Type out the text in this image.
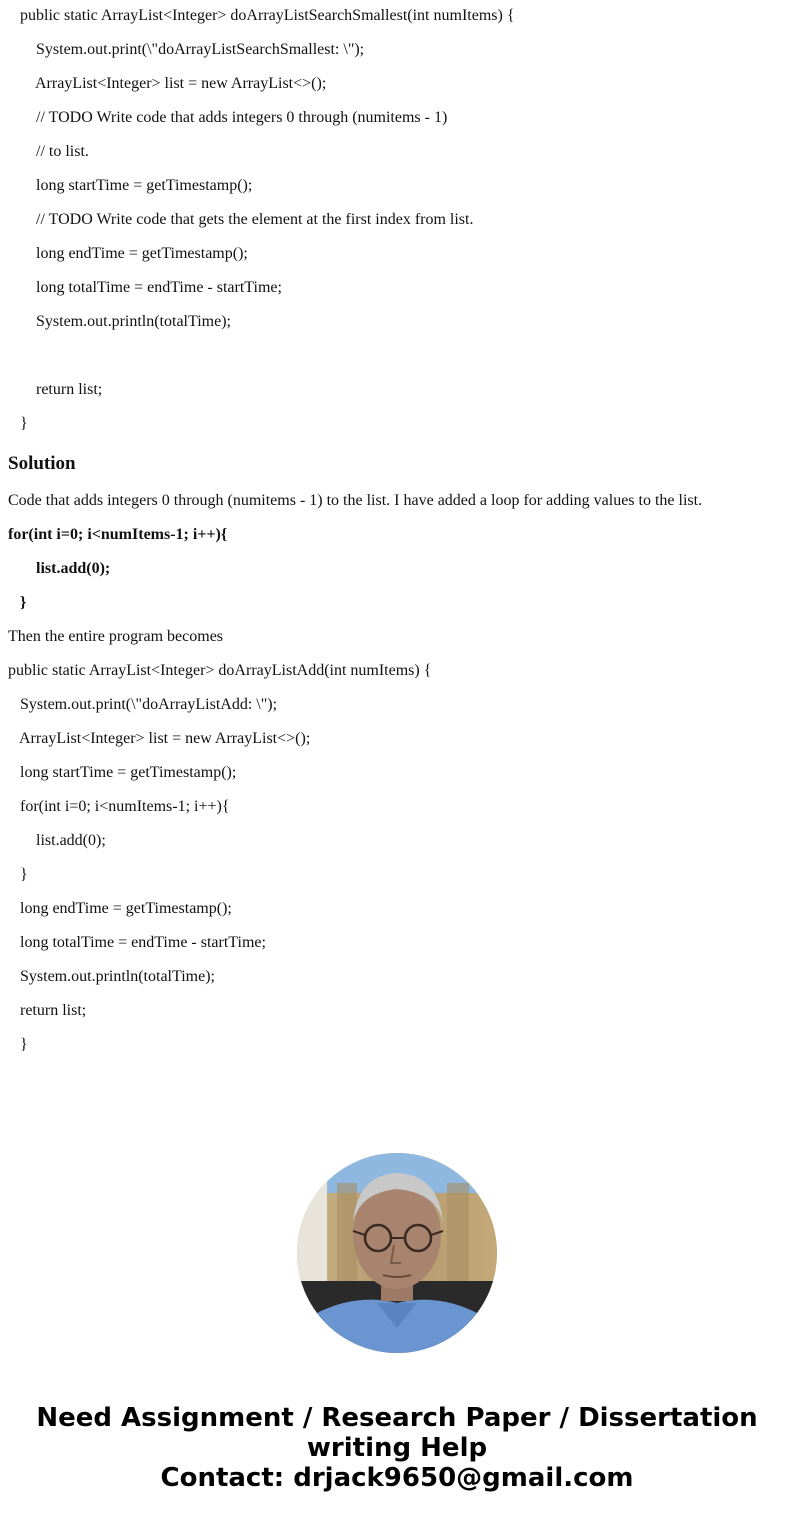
public static ArrayList<Integer> doArrayListSearchSmallest(int numItems) {
System.out.print(\"doArrayListSearchSmallest: \");
ArrayList<Integer> list = new ArrayList<>();
// TODO Write code that adds integers 0 through (numitems - 1)
// to list.
long startTime = getTimestamp();
// TODO Write code that gets the element at the first index from list.
long endTime = getTimestamp();
long totalTime = endTime - startTime;
System.out.println(totalTime);
return list;
}
Solution
Code that adds integers 0 through (numitems - 1) to the list. I have added a loop for adding values to the list.
for(int i=0; i<numItems-1; i++){
list.add(0);
}
Then the entire program becomes
public static ArrayList<Integer> doArrayListAdd(int numItems) {
System.out.print(\"doArrayListAdd: \");
ArrayList<Integer> list = new ArrayList<>();
long startTime = getTimestamp();
for(int i=0; i<numItems-1; i++){
list.add(0);
}
long endTime = getTimestamp();
long totalTime = endTime - startTime;
System.out.println(totalTime);
return list;
}
Need Assignment / Research Paper / Dissertation
writing Help
Contact: drjack9650@gmail.com
